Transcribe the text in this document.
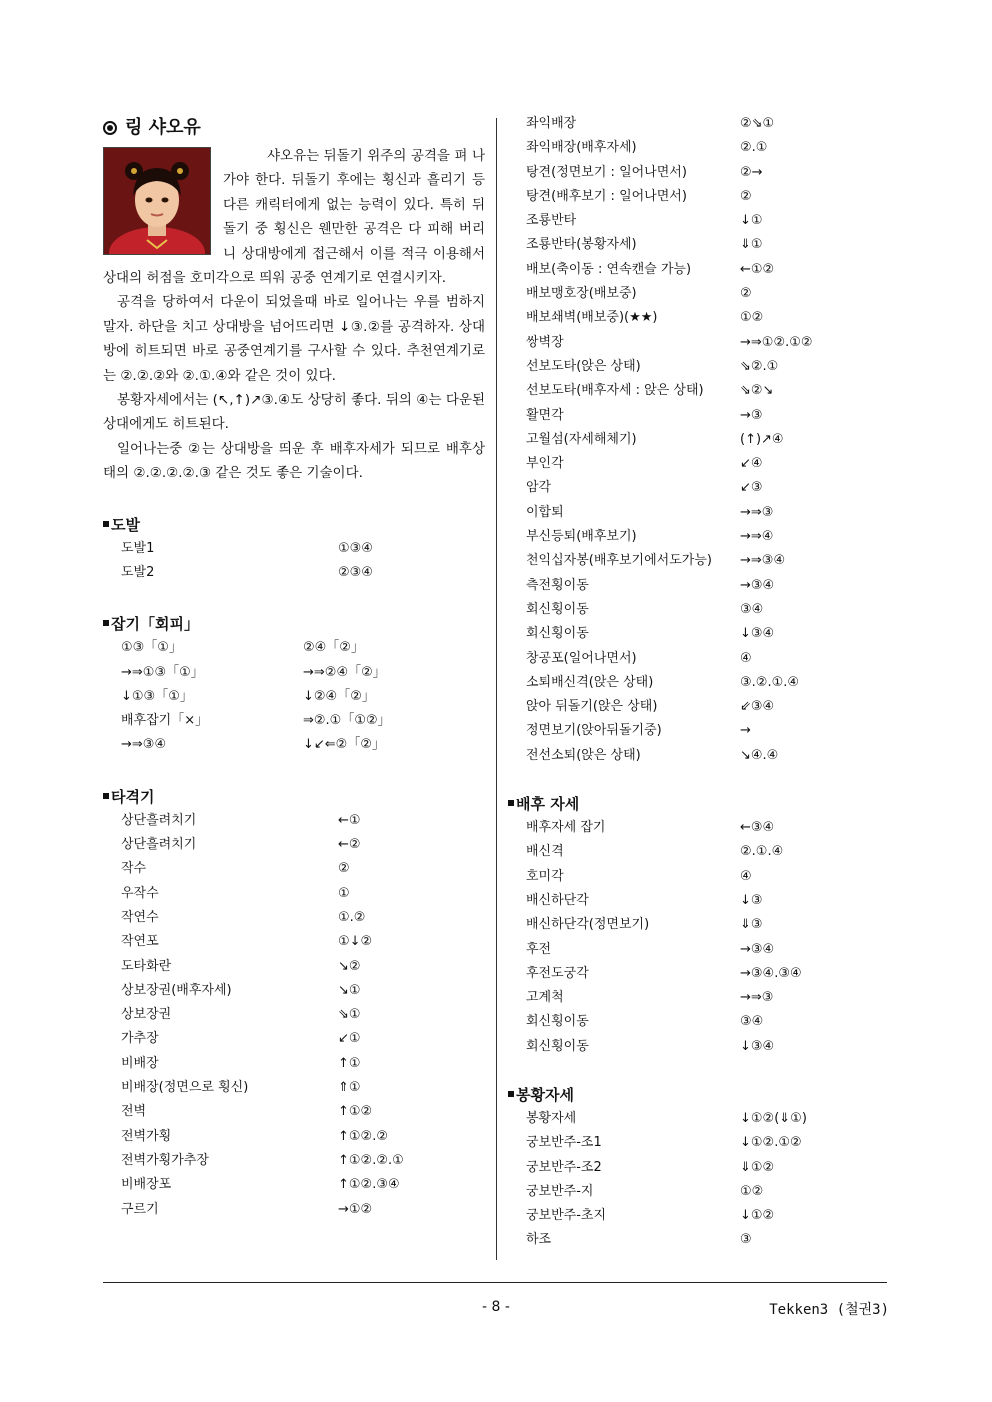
링 샤오유

샤오유는 뒤돌기 위주의 공격을 펴 나가야 한다. 뒤돌기 후에는 횡신과 흘리기 등 다른 캐릭터에게 없는 능력이 있다. 특히 뒤돌기 중 횡신은 웬만한 공격은 다 피해 버리니 상대방에게 접근해서 이를 적극 이용해서 상대의 허점을 호미각으로 띄워 공중 연계기로 연결시키자.

공격을 당하여서 다운이 되었을때 바로 일어나는 우를 범하지 말자. 하단을 치고 상대방을 넘어뜨리면 ↓③.②를 공격하자. 상대방에 히트되면 바로 공중연계기를 구사할 수 있다. 추천연계기로는 ②.②.②와 ②.①.④와 같은 것이 있다.

봉황자세에서는 (↖,↑)↗③.④도 상당히 좋다. 뒤의 ④는 다운된 상대에게도 히트된다.

일어나는중 ②는 상대방을 띄운 후 배후자세가 되므로 배후상태의 ②.②.②.②.③ 같은 것도 좋은 기술이다.

도발
도발1	①③④
도발2	②③④
잡기「회피」
①③「①」	②④「②」
→⇒①③「①」	→⇒②④「②」
↓①③「①」	↓②④「②」
배후잡기「×」	⇒②.①「①②」
→⇒③④	↓↙⇐②「②」
타격기
상단흘려치기	←①
상단흘려치기	←②
작수	②
우작수	①
작연수	①.②
작연포	①↓②
도타화란	↘②
상보장권(배후자세)	↘①
상보장권	⇘①
가추장	↙①
비배장	↑①
비배장(정면으로 횡신)	⇑①
전벽	↑①②
전벽가횡	↑①②.②
전벽가횡가추장	↑①②.②.①
비배장포	↑①②.③④
구르기	→①②
좌익배장	②⇘①
좌익배장(배후자세)	②.①
탕견(정면보기 : 일어나면서)	②→
탕견(배후보기 : 일어나면서)	②
조룡반타	↓①
조룡반타(봉황자세)	⇓①
배보(축이동 : 연속캔슬 가능)	←①②
배보맹호장(배보중)	②
배보쇄벽(배보중)(★★)	①②
쌍벽장	→⇒①②.①②
선보도타(앉은 상태)	⇘②.①
선보도타(배후자세 : 앉은 상태)	⇘②↘
활면각	→③
고월섬(자세해체기)	(↑)↗④
부인각	↙④
암각	↙③
이합퇴	→⇒③
부신등퇴(배후보기)	→⇒④
천익십자봉(배후보기에서도가능) →⇒③④
측전횡이동	→③④
회신횡이동	③④
회신횡이동	↓③④
창공포(일어나면서)	④
소퇴배신격(앉은 상태)	③.②.①.④
앉아 뒤돌기(앉은 상태)	⇙③④
정면보기(앉아뒤돌기중)	→
전선소퇴(앉은 상태)	↘④.④
배후 자세
배후자세 잡기	←③④
배신격	②.①.④
호미각	④
배신하단각	↓③
배신하단각(정면보기)	⇓③
후전	→③④
후전도궁각	→③④.③④
고계척	→⇒③
회신횡이동	③④
회신횡이동	↓③④
봉황자세
봉황자세	↓①②(⇓①)
궁보반주-조1	↓①②.①②
궁보반주-조2	⇓①②
궁보반주-지	①②
궁보반주-초지	↓①②
하조	③
- 8 -	Tekken3 (철권3)
